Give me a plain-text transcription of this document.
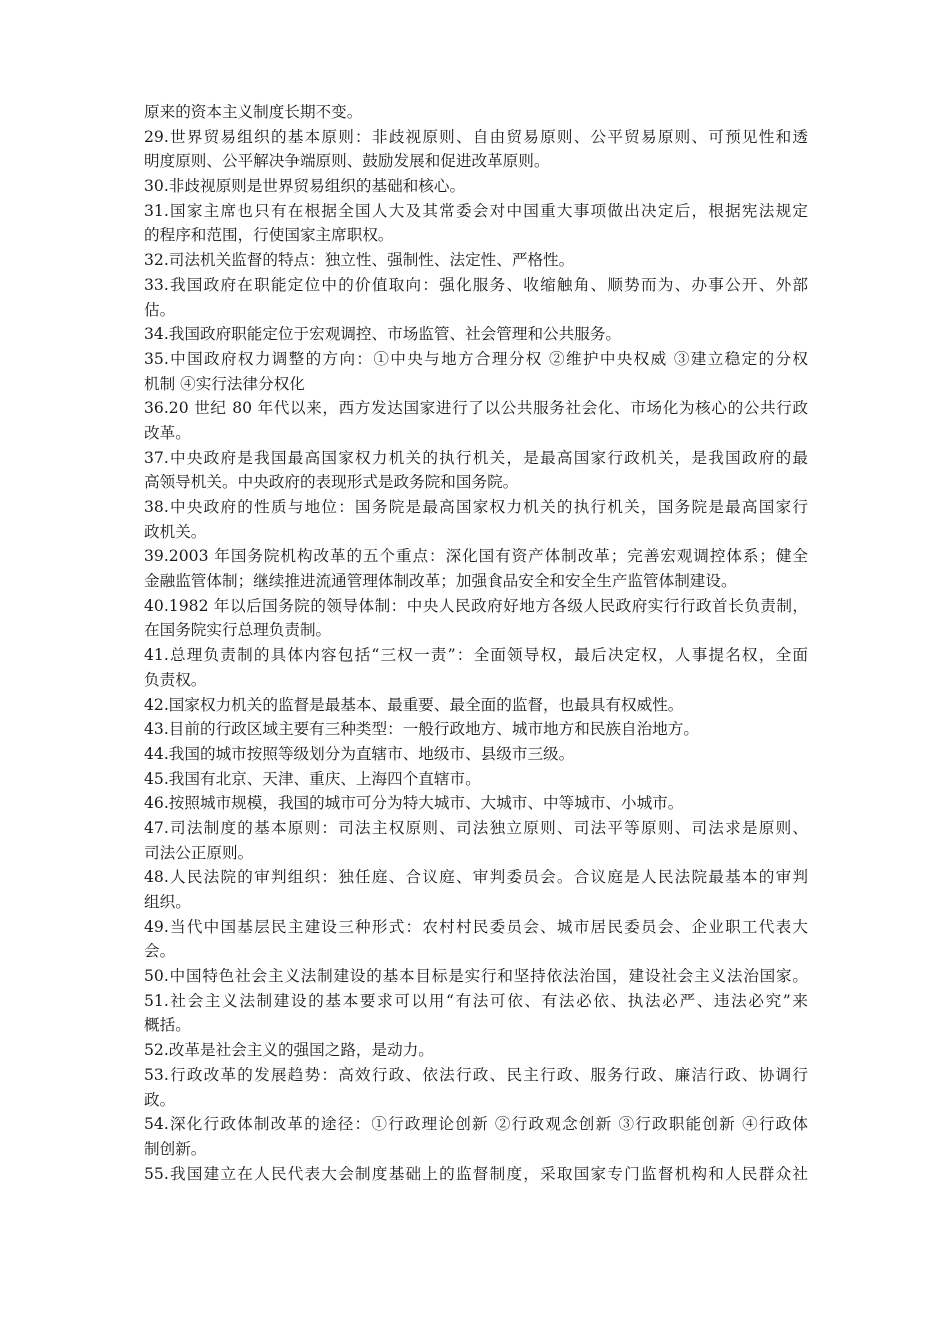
原来的资本主义制度长期不变。
29.世界贸易组织的基本原则：非歧视原则、自由贸易原则、公平贸易原则、可预见性和透
明度原则、公平解决争端原则、鼓励发展和促进改革原则。
30.非歧视原则是世界贸易组织的基础和核心。
31.国家主席也只有在根据全国人大及其常委会对中国重大事项做出决定后，根据宪法规定
的程序和范围，行使国家主席职权。
32.司法机关监督的特点：独立性、强制性、法定性、严格性。
33.我国政府在职能定位中的价值取向：强化服务、收缩触角、顺势而为、办事公开、外部
估。
34.我国政府职能定位于宏观调控、市场监管、社会管理和公共服务。
35.中国政府权力调整的方向：①中央与地方合理分权 ②维护中央权威 ③建立稳定的分权
机制 ④实行法律分权化
36.20 世纪 80 年代以来，西方发达国家进行了以公共服务社会化、市场化为核心的公共行政
改革。
37.中央政府是我国最高国家权力机关的执行机关，是最高国家行政机关，是我国政府的最
高领导机关。中央政府的表现形式是政务院和国务院。
38.中央政府的性质与地位：国务院是最高国家权力机关的执行机关，国务院是最高国家行
政机关。
39.2003 年国务院机构改革的五个重点：深化国有资产体制改革；完善宏观调控体系；健全
金融监管体制；继续推进流通管理体制改革；加强食品安全和安全生产监管体制建设。
40.1982 年以后国务院的领导体制：中央人民政府好地方各级人民政府实行行政首长负责制，
在国务院实行总理负责制。
41.总理负责制的具体内容包括“三权一责”：全面领导权，最后决定权，人事提名权，全面
负责权。
42.国家权力机关的监督是最基本、最重要、最全面的监督，也最具有权威性。
43.目前的行政区域主要有三种类型：一般行政地方、城市地方和民族自治地方。
44.我国的城市按照等级划分为直辖市、地级市、县级市三级。
45.我国有北京、天津、重庆、上海四个直辖市。
46.按照城市规模，我国的城市可分为特大城市、大城市、中等城市、小城市。
47.司法制度的基本原则：司法主权原则、司法独立原则、司法平等原则、司法求是原则、
司法公正原则。
48.人民法院的审判组织：独任庭、合议庭、审判委员会。合议庭是人民法院最基本的审判
组织。
49.当代中国基层民主建设三种形式：农村村民委员会、城市居民委员会、企业职工代表大
会。
50.中国特色社会主义法制建设的基本目标是实行和坚持依法治国，建设社会主义法治国家。
51.社会主义法制建设的基本要求可以用“有法可依、有法必依、执法必严、违法必究”来
概括。
52.改革是社会主义的强国之路，是动力。
53.行政改革的发展趋势：高效行政、依法行政、民主行政、服务行政、廉洁行政、协调行
政。
54.深化行政体制改革的途径：①行政理论创新 ②行政观念创新 ③行政职能创新 ④行政体
制创新。
55.我国建立在人民代表大会制度基础上的监督制度，采取国家专门监督机构和人民群众社
